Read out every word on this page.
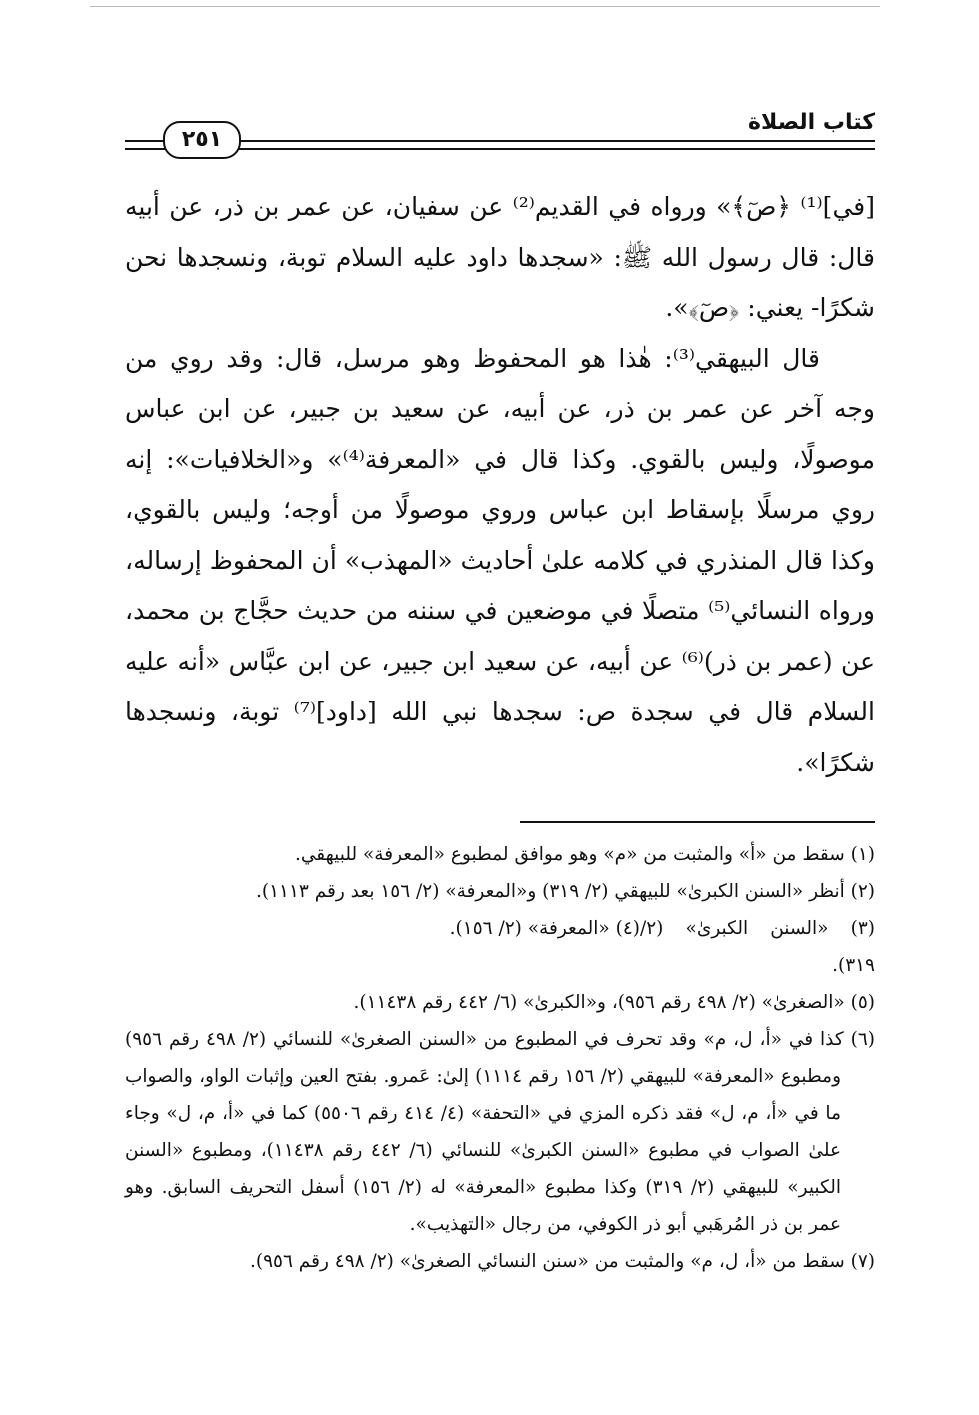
كتاب الصلاة
٢٥١

[في]⁽¹⁾ ﴿صٓ﴾» ورواه في القديم⁽²⁾ عن سفيان، عن عمر بن ذر، عن أبيه قال: قال رسول الله ﷺ: «سجدها داود عليه السلام توبة، ونسجدها نحن شكرًا- يعني: ﴿صٓ﴾».

قال البيهقي⁽³⁾: هٰذا هو المحفوظ وهو مرسل، قال: وقد روي من وجه آخر عن عمر بن ذر، عن أبيه، عن سعيد بن جبير، عن ابن عباس موصولًا، وليس بالقوي. وكذا قال في «المعرفة⁽⁴⁾» و«الخلافيات»: إنه روي مرسلًا بإسقاط ابن عباس وروي موصولًا من أوجه؛ وليس بالقوي، وكذا قال المنذري في كلامه علىٰ أحاديث «المهذب» أن المحفوظ إرساله، ورواه النسائي⁽⁵⁾ متصلًا في موضعين في سننه من حديث حجَّاج بن محمد، عن (عمر بن ذر)⁽⁶⁾ عن أبيه، عن سعيد ابن جبير، عن ابن عبَّاس «أنه عليه السلام قال في سجدة ص: سجدها نبي الله [داود]⁽⁷⁾ توبة، ونسجدها شكرًا».

(١) سقط من «أ» والمثبت من «م» وهو موافق لمطبوع «المعرفة» للبيهقي.

(٢) أنظر «السنن الكبرىٰ» للبيهقي (٢/ ٣١٩) و«المعرفة» (٢/ ١٥٦ بعد رقم ١١١٣).

(٣) «السنن الكبرىٰ» (٢/ ٣١٩).

(٤) «المعرفة» (٢/ ١٥٦).

(٥) «الصغرىٰ» (٢/ ٤٩٨ رقم ٩٥٦)، و«الكبرىٰ» (٦/ ٤٤٢ رقم ١١٤٣٨).

(٦) كذا في «أ، ل، م» وقد تحرف في المطبوع من «السنن الصغرىٰ» للنسائي (٢/ ٤٩٨ رقم ٩٥٦) ومطبوع «المعرفة» للبيهقي (٢/ ١٥٦ رقم ١١١٤) إلىٰ: عَمرو. بفتح العين وإثبات الواو، والصواب ما في «أ، م، ل» فقد ذكره المزي في «التحفة» (٤/ ٤١٤ رقم ٥٥٠٦) كما في «أ، م، ل» وجاء علىٰ الصواب في مطبوع «السنن الكبرىٰ» للنسائي (٦/ ٤٤٢ رقم ١١٤٣٨)، ومطبوع «السنن الكبير» للبيهقي (٢/ ٣١٩) وكذا مطبوع «المعرفة» له (٢/ ١٥٦) أسفل التحريف السابق. وهو عمر بن ذر المُرهَبي أبو ذر الكوفي، من رجال «التهذيب».

(٧) سقط من «أ، ل، م» والمثبت من «سنن النسائي الصغرىٰ» (٢/ ٤٩٨ رقم ٩٥٦).
